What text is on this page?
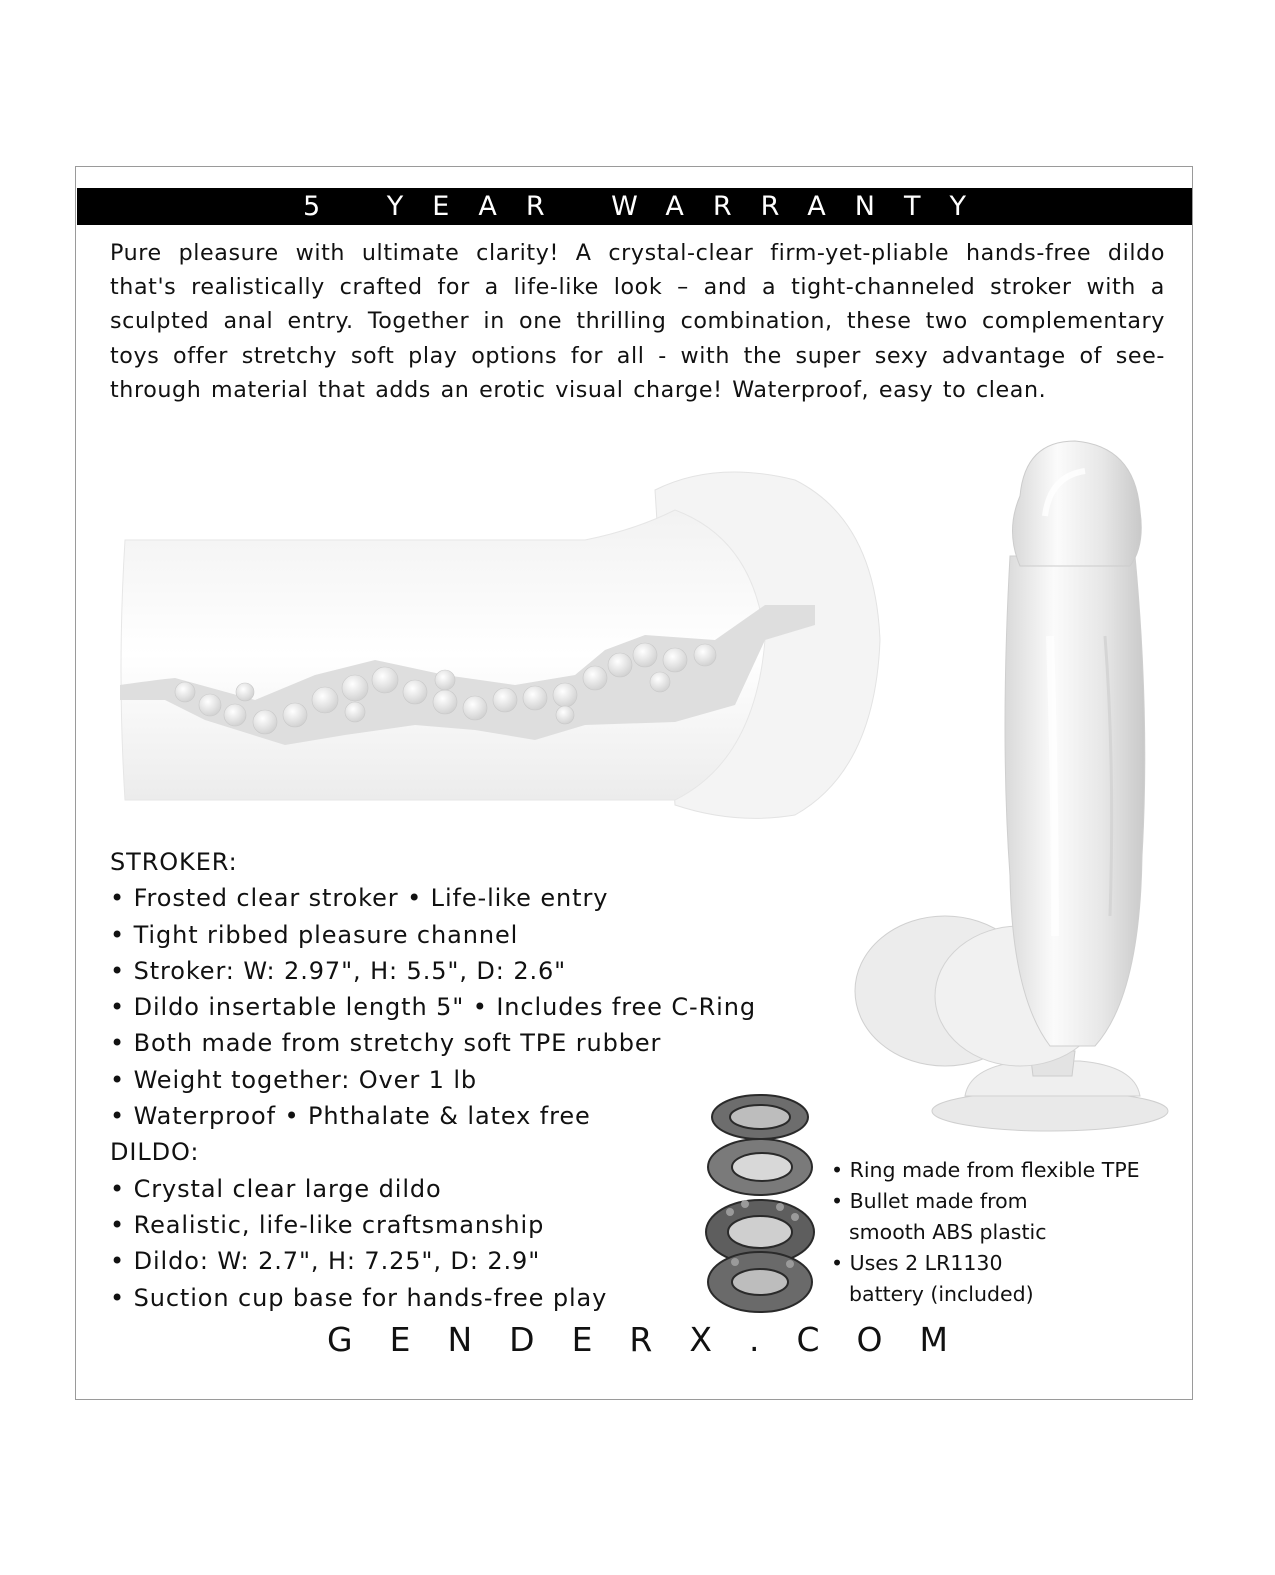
5 YEAR WARRANTY

Pure pleasure with ultimate clarity! A crystal-clear firm-yet-pliable hands-free dildo that's realistically crafted for a life-like look – and a tight-channeled stroker with a sculpted anal entry. Together in one thrilling combination, these two complementary toys offer stretchy soft play options for all - with the super sexy advantage of see-through material that adds an erotic visual charge! Waterproof, easy to clean.

STROKER:
• Frosted clear stroker • Life-like entry
• Tight ribbed pleasure channel
• Stroker: W: 2.97", H: 5.5", D: 2.6"
• Dildo insertable length 5" • Includes free C-Ring
• Both made from stretchy soft TPE rubber
• Weight together: Over 1 lb
• Waterproof • Phthalate & latex free
DILDO:
• Crystal clear large dildo
• Realistic, life-like craftsmanship
• Dildo: W: 2.7", H: 7.25", D: 2.9"
• Suction cup base for hands-free play
• Ring made from flexible TPE
• Bullet made from
smooth ABS plastic
• Uses 2 LR1130
battery (included)
GENDERX.COM
